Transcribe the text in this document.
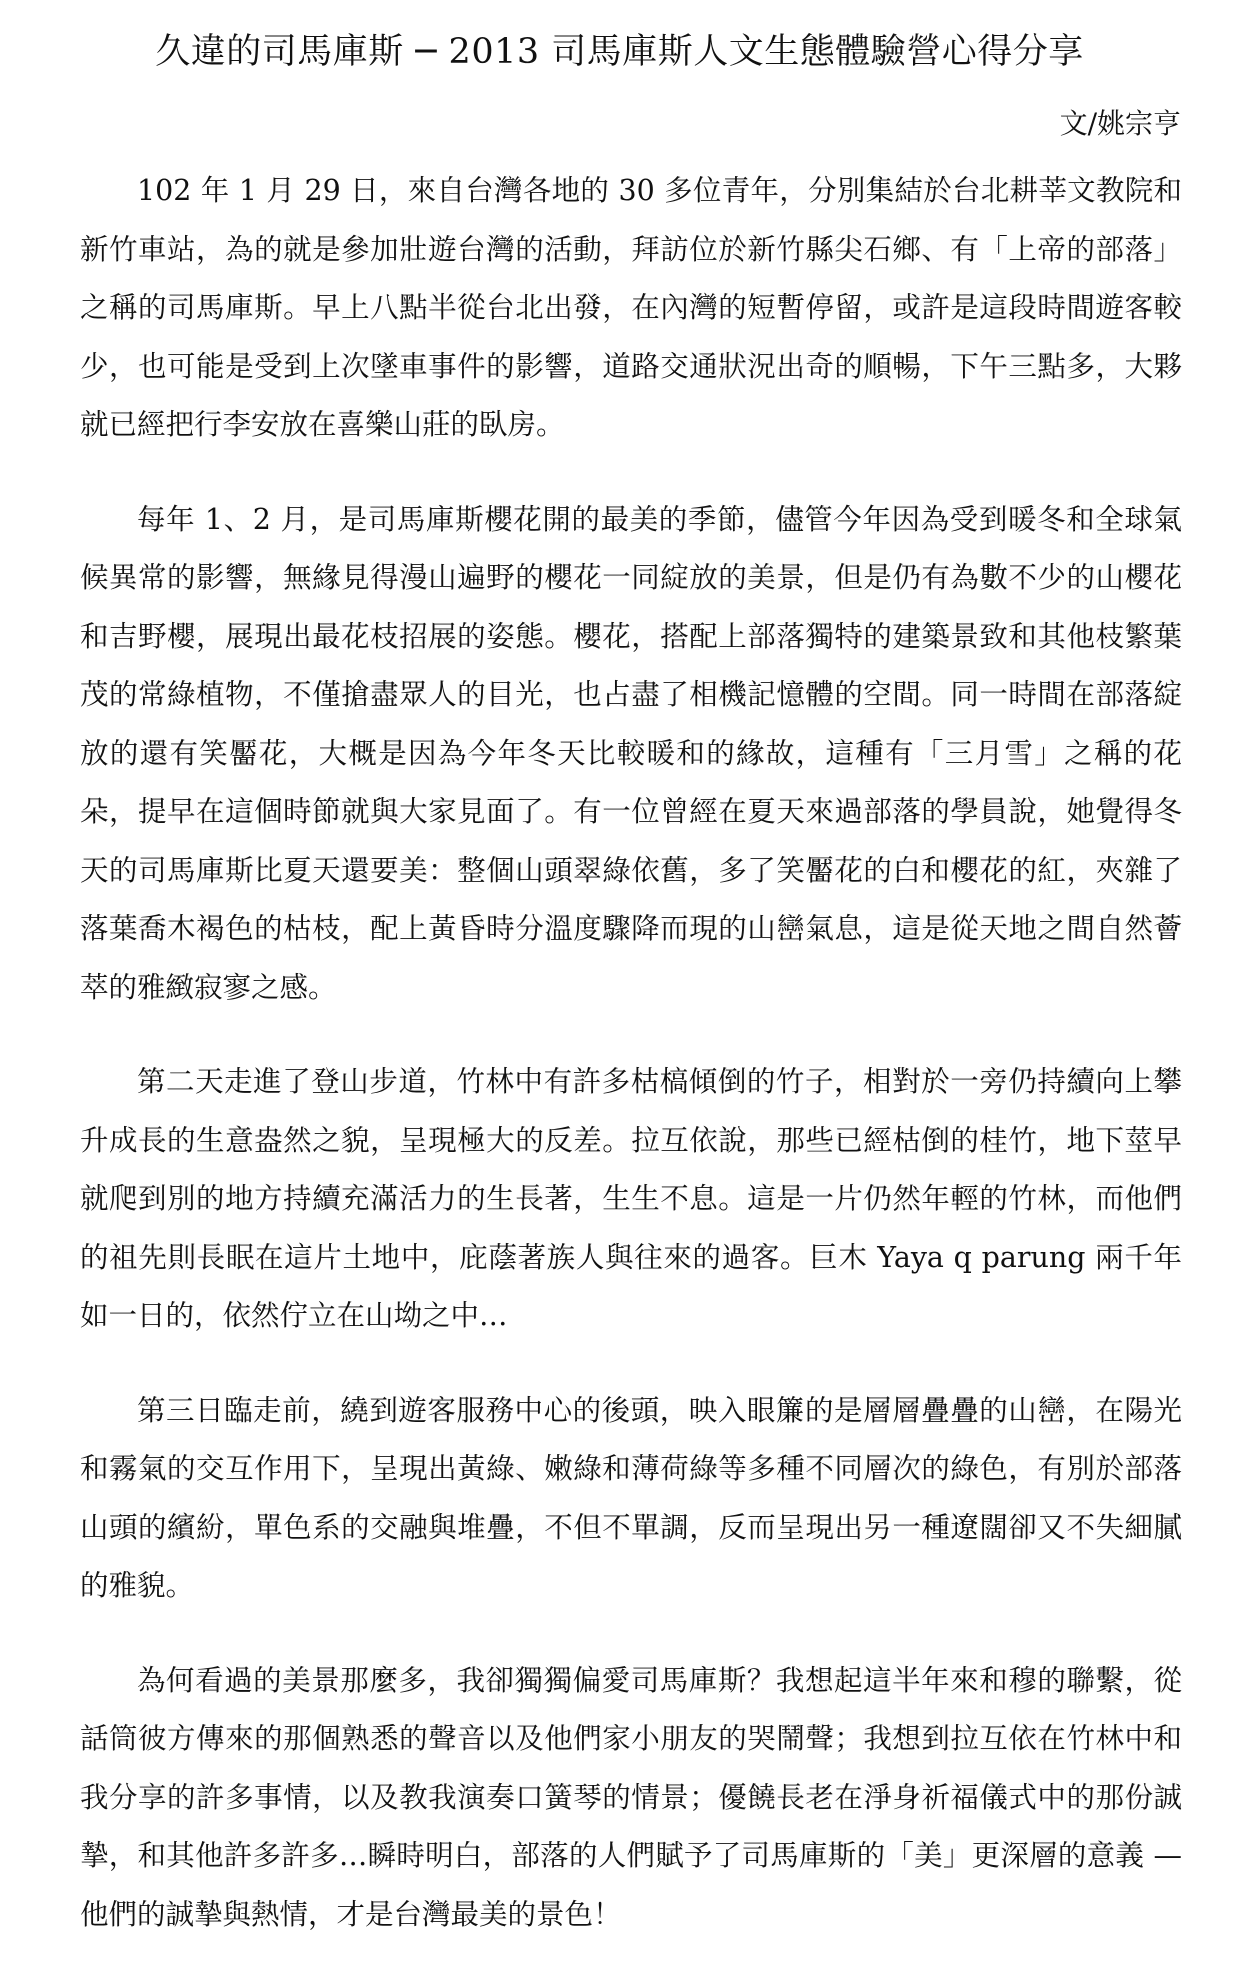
久違的司馬庫斯 ─ 2013 司馬庫斯人文生態體驗營心得分享
文/姚宗亨

102 年 1 月 29 日，來自台灣各地的 30 多位青年，分別集結於台北耕莘文教院和新竹車站，為的就是參加壯遊台灣的活動，拜訪位於新竹縣尖石鄉、有「上帝的部落」之稱的司馬庫斯。早上八點半從台北出發，在內灣的短暫停留，或許是這段時間遊客較少，也可能是受到上次墜車事件的影響，道路交通狀況出奇的順暢，下午三點多，大夥就已經把行李安放在喜樂山莊的臥房。

每年 1、2 月，是司馬庫斯櫻花開的最美的季節，儘管今年因為受到暖冬和全球氣候異常的影響，無緣見得漫山遍野的櫻花一同綻放的美景，但是仍有為數不少的山櫻花和吉野櫻，展現出最花枝招展的姿態。櫻花，搭配上部落獨特的建築景致和其他枝繁葉茂的常綠植物，不僅搶盡眾人的目光，也占盡了相機記憶體的空間。同一時間在部落綻放的還有笑靨花，大概是因為今年冬天比較暖和的緣故，這種有「三月雪」之稱的花朵，提早在這個時節就與大家見面了。有一位曾經在夏天來過部落的學員說，她覺得冬天的司馬庫斯比夏天還要美：整個山頭翠綠依舊，多了笑靨花的白和櫻花的紅，夾雜了落葉喬木褐色的枯枝，配上黃昏時分溫度驟降而現的山巒氣息，這是從天地之間自然薈萃的雅緻寂寥之感。

第二天走進了登山步道，竹林中有許多枯槁傾倒的竹子，相對於一旁仍持續向上攀升成長的生意盎然之貌，呈現極大的反差。拉互依說，那些已經枯倒的桂竹，地下莖早就爬到別的地方持續充滿活力的生長著，生生不息。這是一片仍然年輕的竹林，而他們的祖先則長眠在這片土地中，庇蔭著族人與往來的過客。巨木 Yaya q parung 兩千年如一日的，依然佇立在山坳之中…

第三日臨走前，繞到遊客服務中心的後頭，映入眼簾的是層層疊疊的山巒，在陽光和霧氣的交互作用下，呈現出黃綠、嫩綠和薄荷綠等多種不同層次的綠色，有別於部落山頭的繽紛，單色系的交融與堆疊，不但不單調，反而呈現出另一種遼闊卻又不失細膩的雅貌。

為何看過的美景那麼多，我卻獨獨偏愛司馬庫斯？我想起這半年來和穆的聯繫，從話筒彼方傳來的那個熟悉的聲音以及他們家小朋友的哭鬧聲；我想到拉互依在竹林中和我分享的許多事情，以及教我演奏口簧琴的情景；優饒長老在淨身祈福儀式中的那份誠摯，和其他許多許多…瞬時明白，部落的人們賦予了司馬庫斯的「美」更深層的意義 — 他們的誠摯與熱情，才是台灣最美的景色！
